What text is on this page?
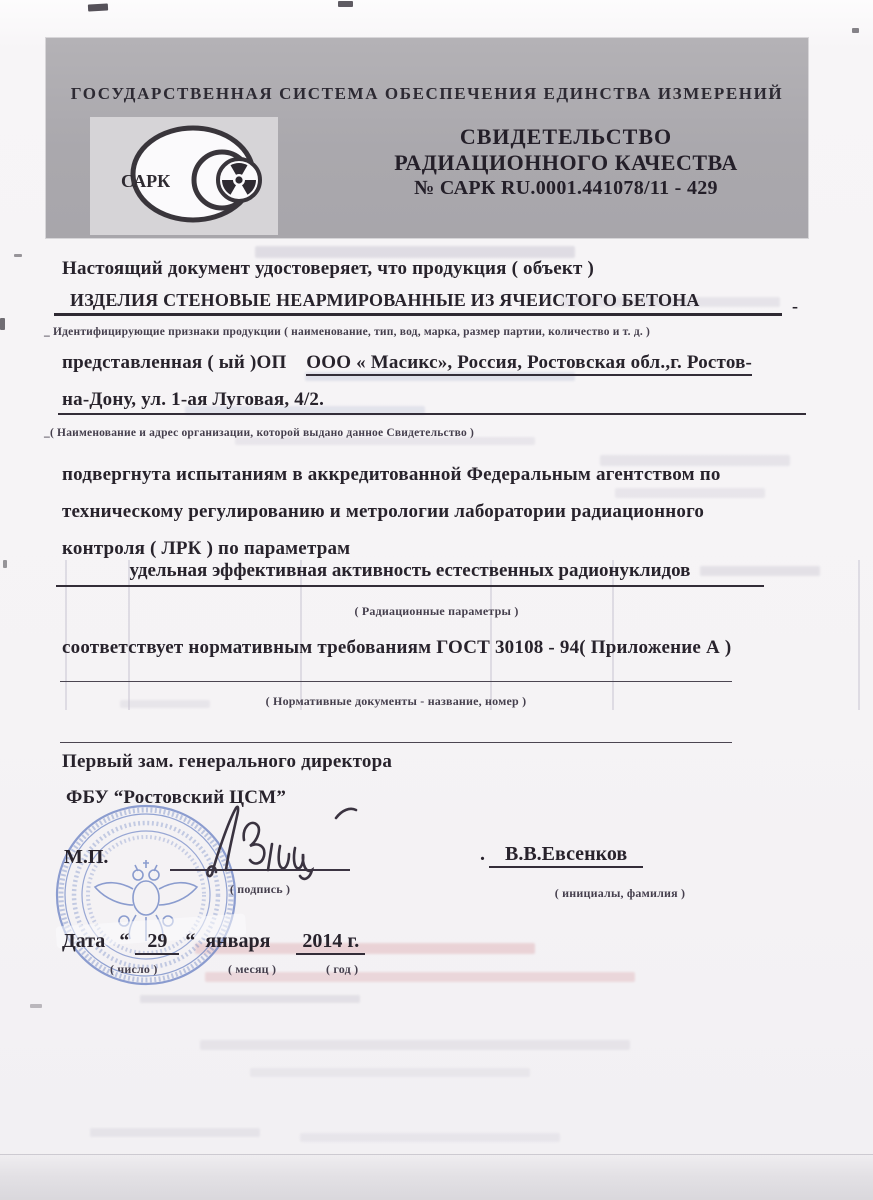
ГОСУДАРСТВЕННАЯ СИСТЕМА ОБЕСПЕЧЕНИЯ ЕДИНСТВА ИЗМЕРЕНИЙ
САРК
СВИДЕТЕЛЬСТВО
РАДИАЦИОННОГО КАЧЕСТВА
№ САРК RU.0001.441078/11 - 429
Настоящий документ удостоверяет, что продукция ( объект )
ИЗДЕЛИЯ СТЕНОВЫЕ НЕАРМИРОВАННЫЕ ИЗ ЯЧЕИСТОГО БЕТОНА	-
_ Идентифицирующие признаки продукции ( наименование, тип, вод, марка, размер партии, количество и т. д. )
представленная ( ый )ОП ООО « Масикс», Россия, Ростовская обл.,г. Ростов-
на-Дону, ул. 1-ая Луговая, 4/2.
_( Наименование и адрес организации, которой выдано данное Свидетельство )
подвергнута испытаниям в аккредитованной Федеральным агентством по
техническому регулированию и метрологии лаборатории радиационного
контроля ( ЛРК ) по параметрам
удельная эффективная активность естественных радионуклидов
( Радиационные параметры )
соответствует нормативным требованиям ГОСТ 30108 - 94( Приложение А )
( Нормативные документы - название, номер )
Первый зам. генерального директора
ФБУ “Ростовский ЦСМ”
М.П.
( подпись )
. В.В.Евсенков
( инициалы, фамилия )
Дата “ 29 “ января 2014 г.
( число )	( месяц )	( год )
